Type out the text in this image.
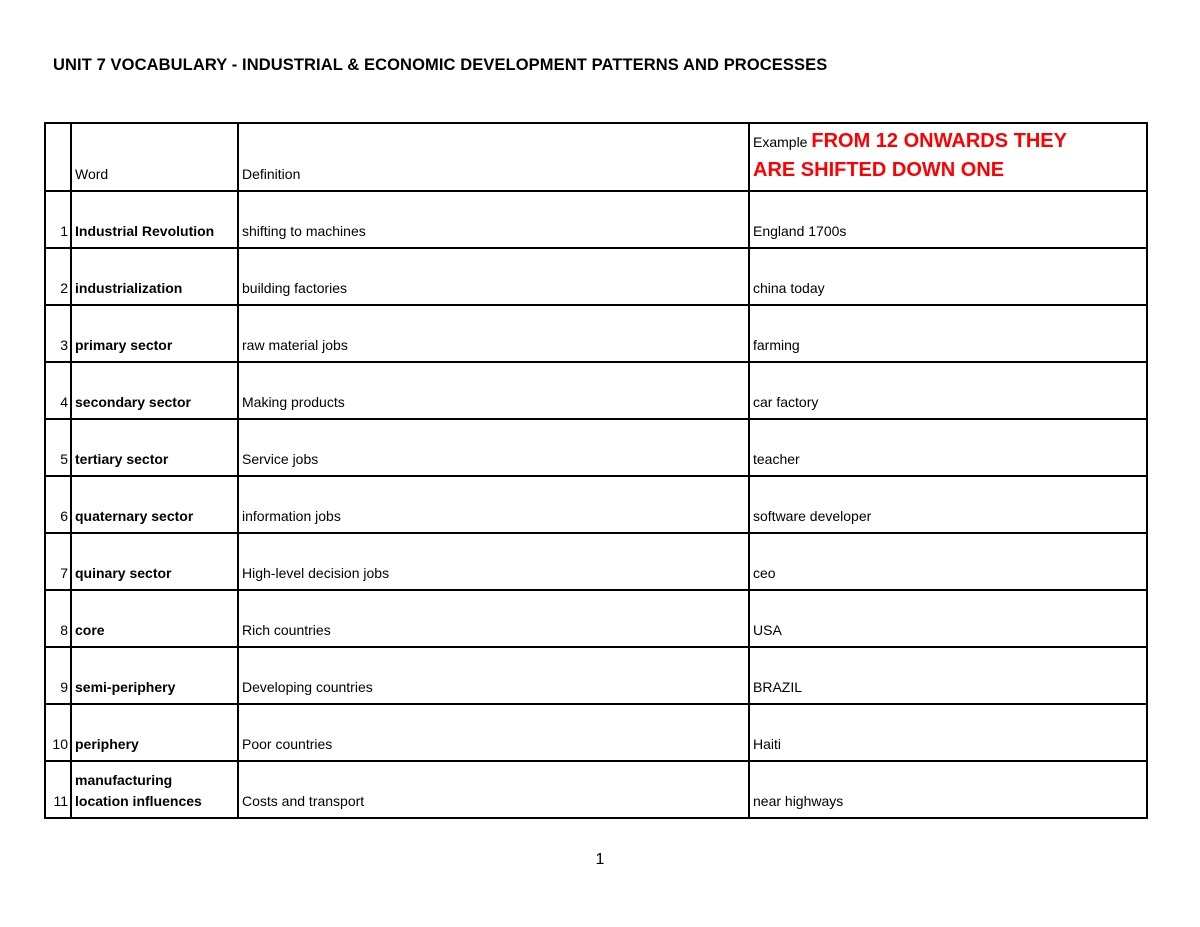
UNIT 7 VOCABULARY - INDUSTRIAL & ECONOMIC DEVELOPMENT PATTERNS AND PROCESSES
	Word	Definition	Example FROM 12 ONWARDS THEY
ARE SHIFTED DOWN ONE
1	Industrial Revolution	shifting to machines	England 1700s
2	industrialization	building factories	china today
3	primary sector	raw material jobs	farming
4	secondary sector	Making products	car factory
5	tertiary sector	Service jobs	teacher
6	quaternary sector	information jobs	software developer
7	quinary sector	High-level decision jobs	ceo
8	core	Rich countries	USA
9	semi-periphery	Developing countries	BRAZIL
10	periphery	Poor countries	Haiti
11	manufacturing
location influences	Costs and transport	near highways
1
